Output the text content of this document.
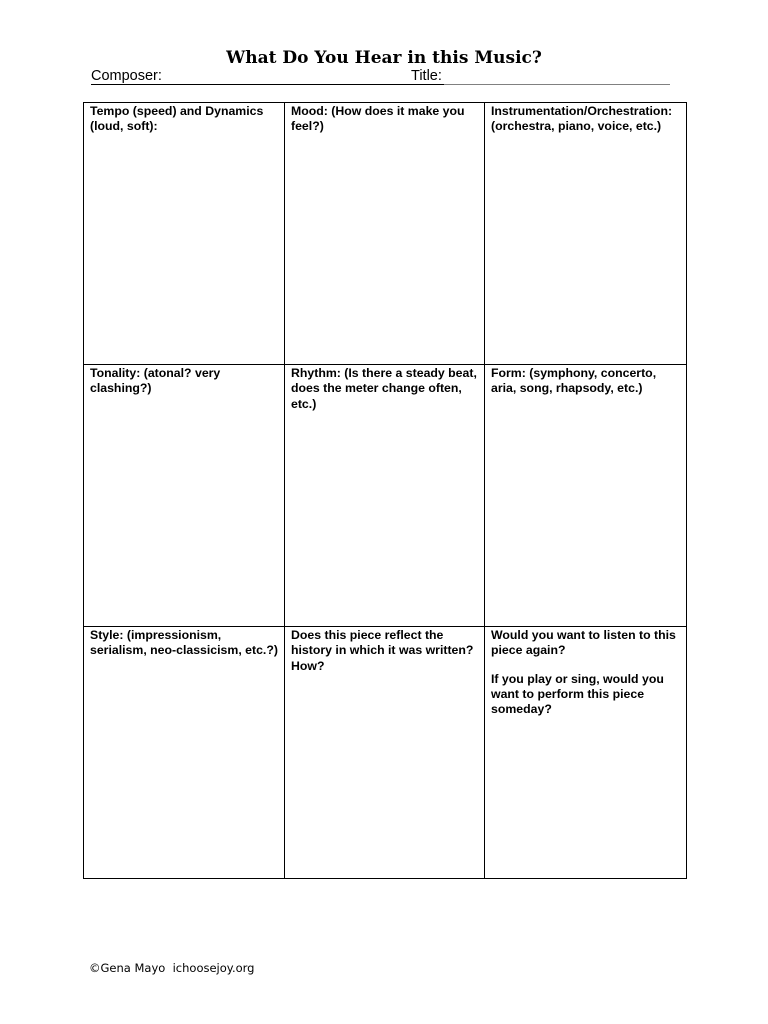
What Do You Hear in this Music?
Composer:	Title:

Tempo (speed) and Dynamics (loud, soft):	Mood: (How does it make you feel?)	Instrumentation/Orchestration: (orchestra, piano, voice, etc.)

Tonality: (atonal? very clashing?)	Rhythm: (Is there a steady beat, does the meter change often, etc.)	Form: (symphony, concerto, aria, song, rhapsody, etc.)

Style: (impressionism, serialism, neo-classicism, etc.?)	Does this piece reflect the history in which it was written? How?	Would you want to listen to this piece again?

If you play or sing, would you want to perform this piece someday?

©Gena Mayo  ichoosejoy.org
